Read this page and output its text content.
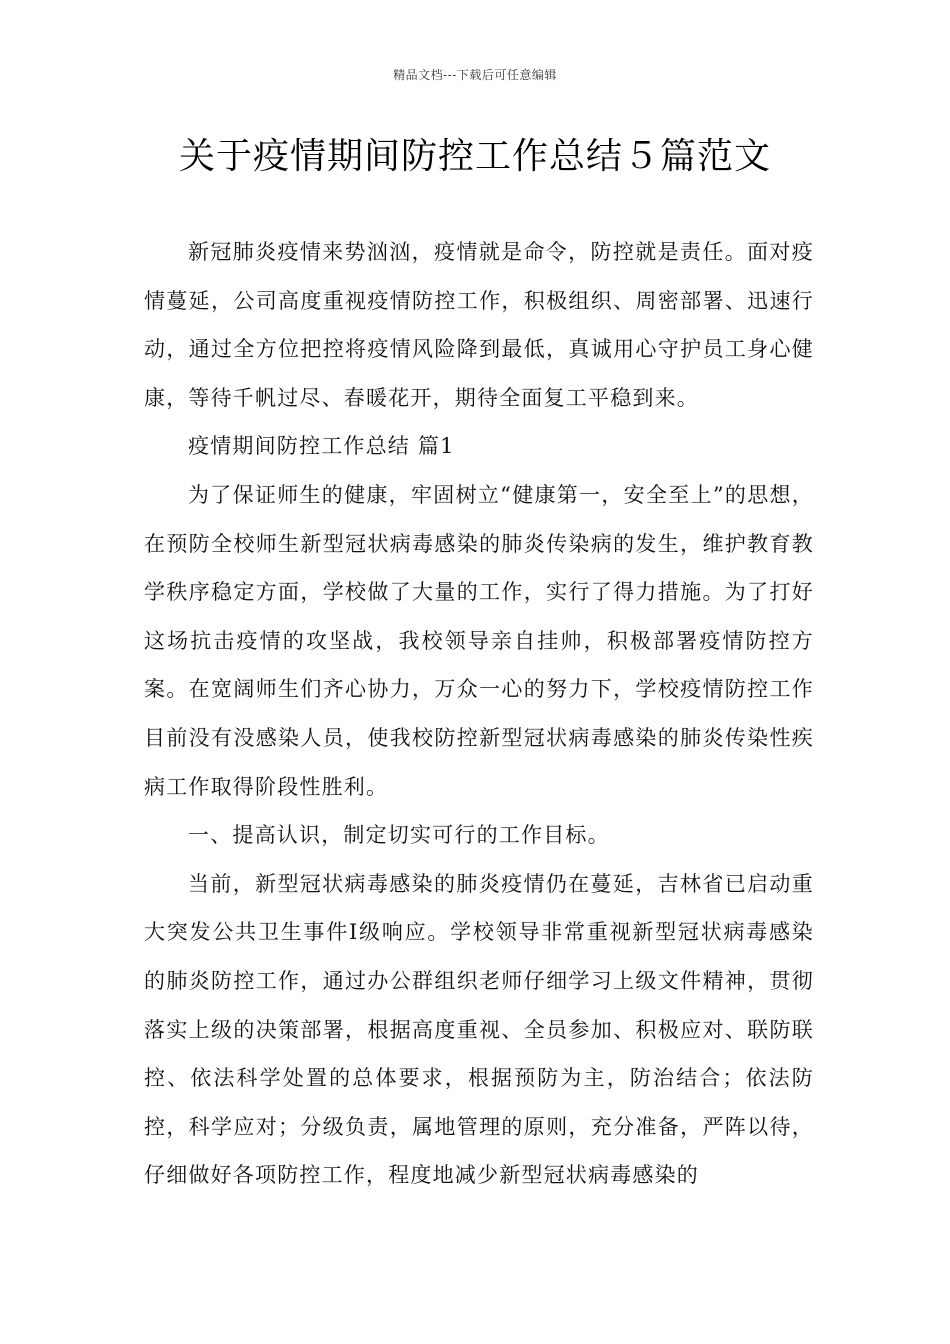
精品文档---下载后可任意编辑
关于疫情期间防控工作总结５篇范文

新冠肺炎疫情来势汹汹，疫情就是命令，防控就是责任。面对疫情蔓延，公司高度重视疫情防控工作，积极组织、周密部署、迅速行动，通过全方位把控将疫情风险降到最低，真诚用心守护员工身心健康，等待千帆过尽、春暖花开，期待全面复工平稳到来。

疫情期间防控工作总结 篇1

为了保证师生的健康，牢固树立“健康第一，安全至上”的思想，在预防全校师生新型冠状病毒感染的肺炎传染病的发生，维护教育教学秩序稳定方面，学校做了大量的工作，实行了得力措施。为了打好这场抗击疫情的攻坚战，我校领导亲自挂帅，积极部署疫情防控方案。在宽阔师生们齐心协力，万众一心的努力下，学校疫情防控工作目前没有没感染人员，使我校防控新型冠状病毒感染的肺炎传染性疾病工作取得阶段性胜利。

一、提高认识，制定切实可行的工作目标。

当前，新型冠状病毒感染的肺炎疫情仍在蔓延，吉林省已启动重大突发公共卫生事件Ⅰ级响应。学校领导非常重视新型冠状病毒感染的肺炎防控工作，通过办公群组织老师仔细学习上级文件精神，贯彻落实上级的决策部署，根据高度重视、全员参加、积极应对、联防联控、依法科学处置的总体要求，根据预防为主，防治结合；依法防控，科学应对；分级负责，属地管理的原则，充分准备，严阵以待，仔细做好各项防控工作，程度地减少新型冠状病毒感染的
